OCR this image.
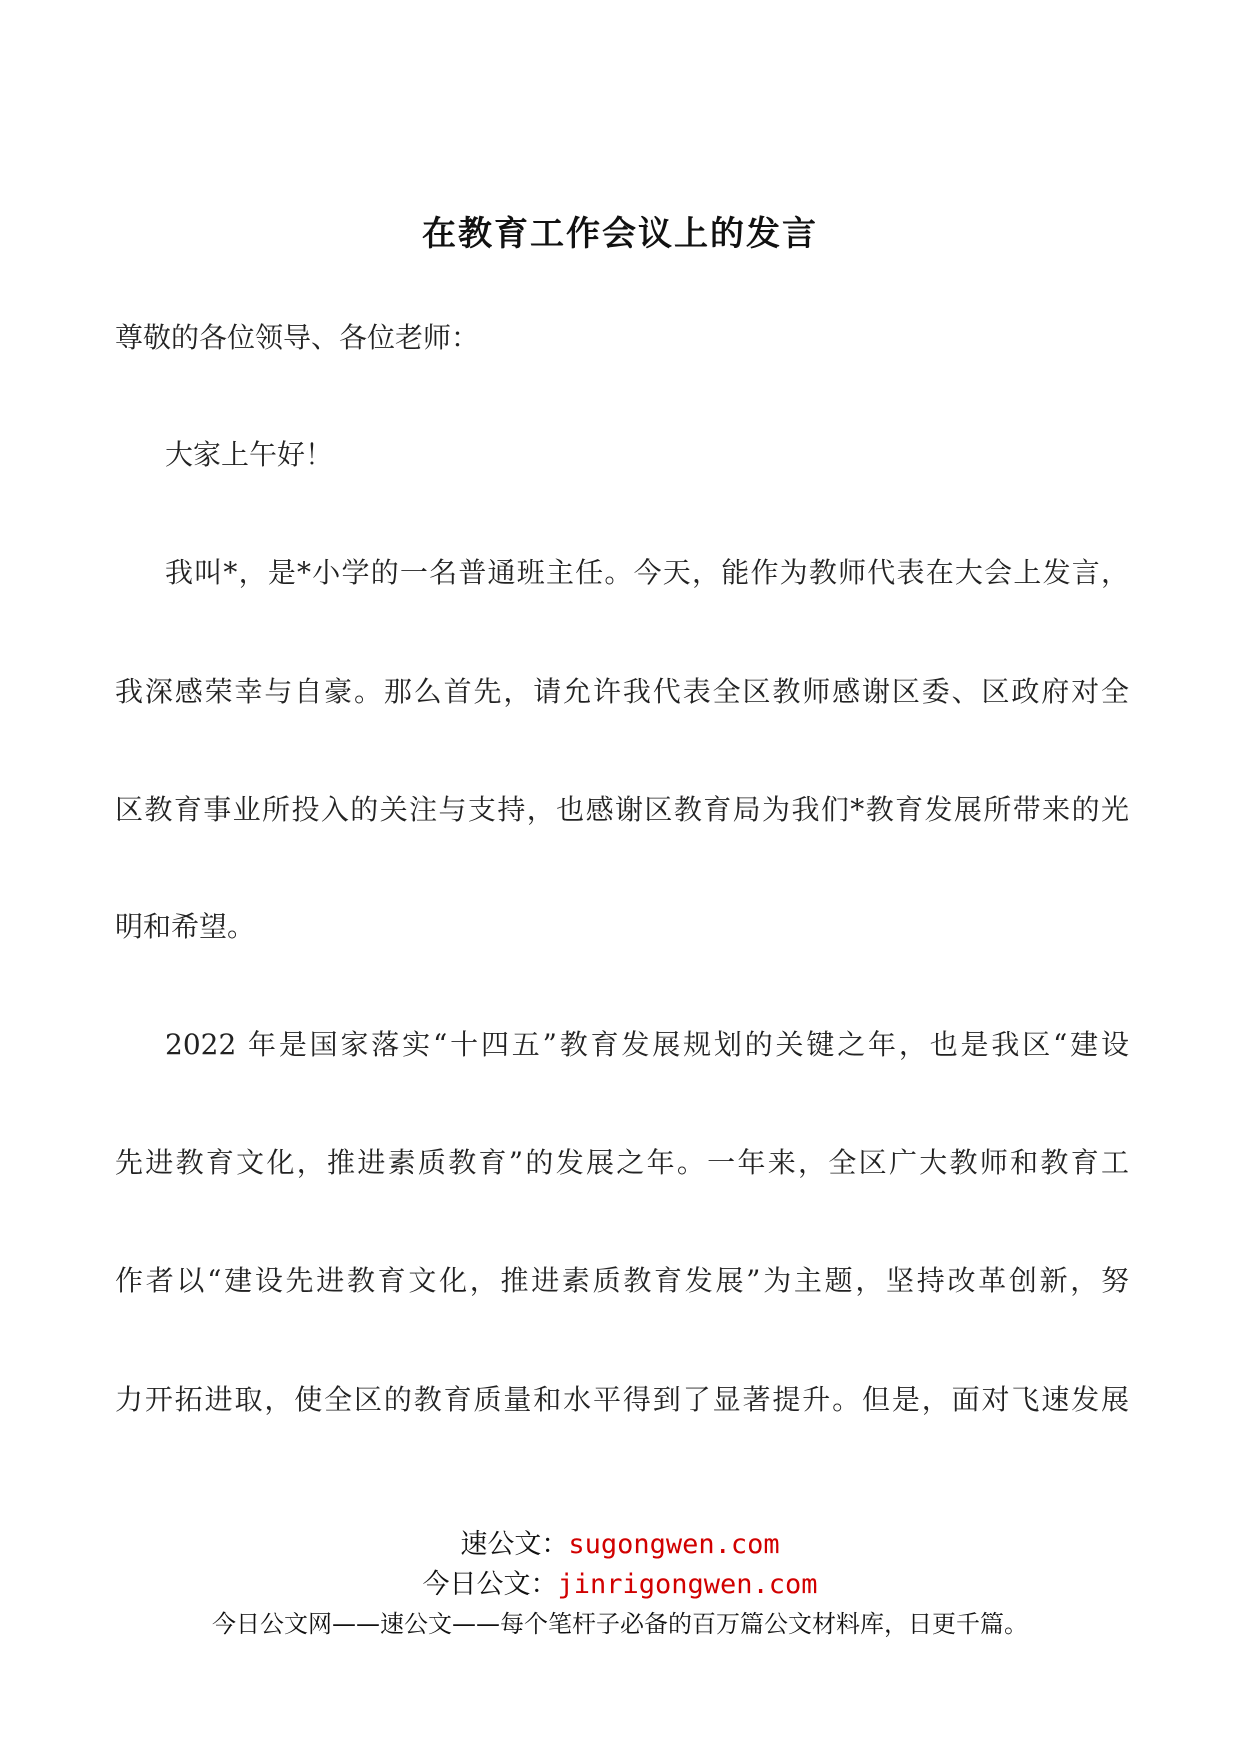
在教育工作会议上的发言
尊敬的各位领导、各位老师：
大家上午好！
我叫*，是*小学的一名普通班主任。今天，能作为教师代表在大会上发言，
我深感荣幸与自豪。那么首先，请允许我代表全区教师感谢区委、区政府对全
区教育事业所投入的关注与支持，也感谢区教育局为我们*教育发展所带来的光
明和希望。
2022 年是国家落实“十四五”教育发展规划的关键之年，也是我区“建设
先进教育文化，推进素质教育”的发展之年。一年来，全区广大教师和教育工
作者以“建设先进教育文化，推进素质教育发展”为主题，坚持改革创新，努
力开拓进取，使全区的教育质量和水平得到了显著提升。但是，面对飞速发展
速公文：sugongwen.com
今日公文：jinrigongwen.com
今日公文网——速公文——每个笔杆子必备的百万篇公文材料库，日更千篇。
